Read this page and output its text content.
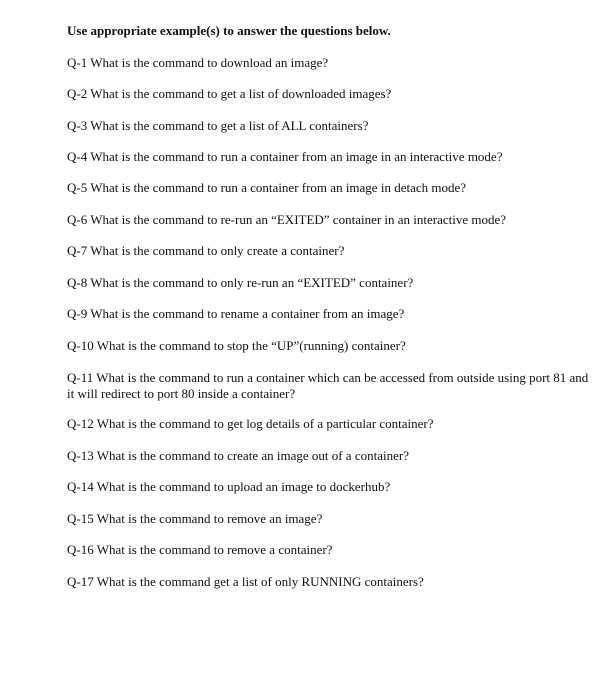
Use appropriate example(s) to answer the questions below.
Q-1 What is the command to download an image?
Q-2 What is the command to get a list of downloaded images?
Q-3 What is the command to get a list of ALL containers?
Q-4 What is the command to run a container from an image in an interactive mode?
Q-5 What is the command to run a container from an image in detach mode?
Q-6 What is the command to re-run an “EXITED” container in an interactive mode?
Q-7 What is the command to only create a container?
Q-8 What is the command to only re-run an “EXITED” container?
Q-9 What is the command to rename a container from an image?
Q-10 What is the command to stop the “UP”(running) container?
Q-11 What is the command to run a container which can be accessed from outside using port 81 and it will redirect to port 80 inside a container?
Q-12 What is the command to get log details of a particular container?
Q-13 What is the command to create an image out of a container?
Q-14 What is the command to upload an image to dockerhub?
Q-15 What is the command to remove an image?
Q-16 What is the command to remove a container?
Q-17 What is the command get a list of only RUNNING containers?
